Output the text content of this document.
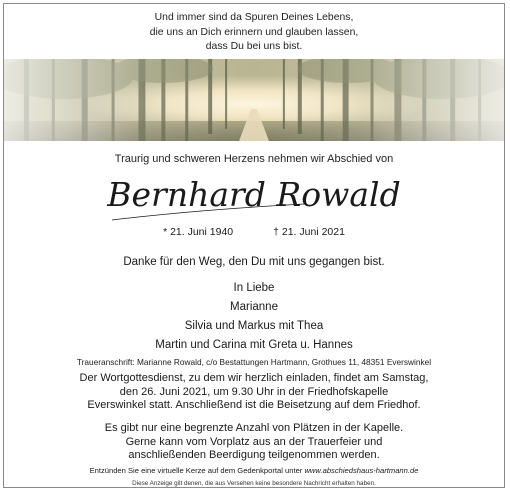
Und immer sind da Spuren Deines Lebens,
die uns an Dich erinnern und glauben lassen,
dass Du bei uns bist.
Traurig und schweren Herzens nehmen wir Abschied von
Bernhard Rowald
* 21. Juni 1940	† 21. Juni 2021
Danke für den Weg, den Du mit uns gegangen bist.
In Liebe
Marianne
Silvia und Markus mit Thea
Martin und Carina mit Greta u. Hannes
Traueranschrift: Marianne Rowald, c/o Bestattungen Hartmann, Grothues 11, 48351 Everswinkel
Der Wortgottesdienst, zu dem wir herzlich einladen, findet am Samstag,
den 26. Juni 2021, um 9.30 Uhr in der Friedhofskapelle
Everswinkel statt. Anschließend ist die Beisetzung auf dem Friedhof.
Es gibt nur eine begrenzte Anzahl von Plätzen in der Kapelle.
Gerne kann vom Vorplatz aus an der Trauerfeier und
anschließenden Beerdigung teilgenommen werden.
Entzünden Sie eine virtuelle Kerze auf dem Gedenkportal unter www.abschiedshaus-hartmann.de
Diese Anzeige gilt denen, die aus Versehen keine besondere Nachricht erhalten haben.
